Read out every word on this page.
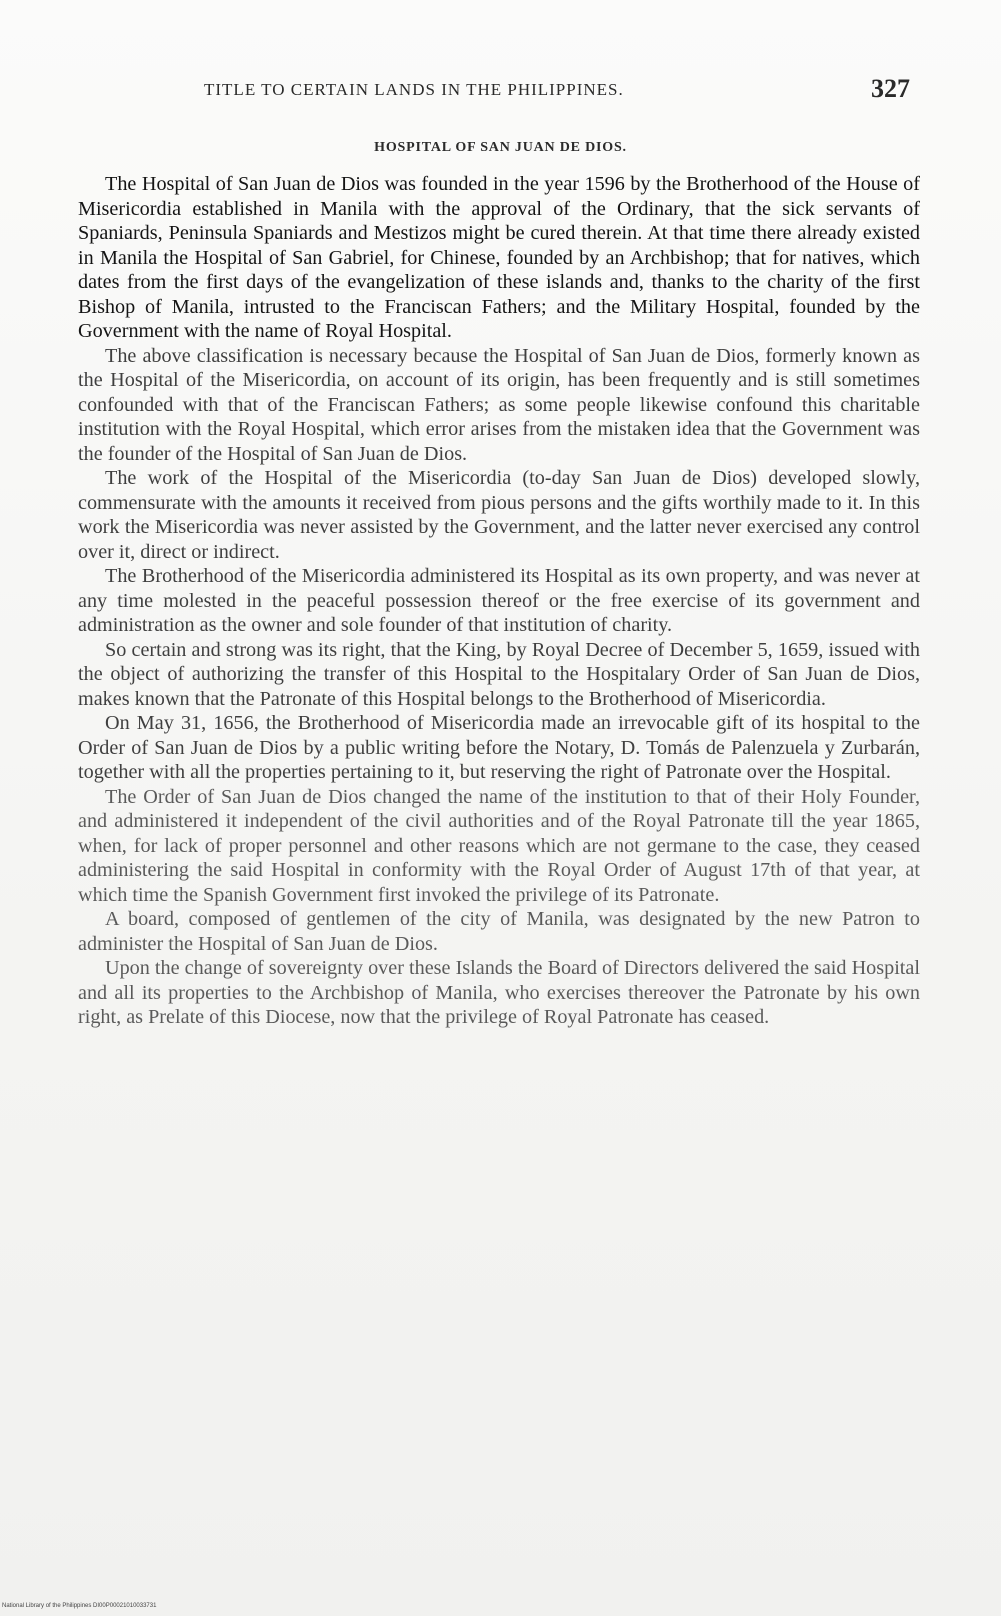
TITLE TO CERTAIN LANDS IN THE PHILIPPINES.	327
HOSPITAL OF SAN JUAN DE DIOS.

The Hospital of San Juan de Dios was founded in the year 1596 by the Brotherhood of the House of Misericordia established in Manila with the approval of the Ordinary, that the sick servants of Spaniards, Peninsula Spaniards and Mestizos might be cured therein. At that time there already existed in Manila the Hospital of San Gabriel, for Chinese, founded by an Archbishop; that for natives, which dates from the first days of the evangelization of these islands and, thanks to the charity of the first Bishop of Manila, intrusted to the Franciscan Fathers; and the Military Hospital, founded by the Government with the name of Royal Hospital.

The above classification is necessary because the Hospital of San Juan de Dios, formerly known as the Hospital of the Misericordia, on account of its origin, has been frequently and is still sometimes confounded with that of the Franciscan Fathers; as some people likewise confound this charitable institution with the Royal Hospital, which error arises from the mistaken idea that the Government was the founder of the Hospital of San Juan de Dios.

The work of the Hospital of the Misericordia (to-day San Juan de Dios) developed slowly, commensurate with the amounts it received from pious persons and the gifts worthily made to it. In this work the Misericordia was never assisted by the Government, and the latter never exercised any control over it, direct or indirect.

The Brotherhood of the Misericordia administered its Hospital as its own property, and was never at any time molested in the peaceful possession thereof or the free exercise of its government and administration as the owner and sole founder of that institution of charity.

So certain and strong was its right, that the King, by Royal Decree of December 5, 1659, issued with the object of authorizing the transfer of this Hospital to the Hospitalary Order of San Juan de Dios, makes known that the Patronate of this Hospital belongs to the Brotherhood of Misericordia.

On May 31, 1656, the Brotherhood of Misericordia made an irrevocable gift of its hospital to the Order of San Juan de Dios by a public writing before the Notary, D. Tomás de Palenzuela y Zurbarán, together with all the properties pertaining to it, but reserving the right of Patronate over the Hospital.

The Order of San Juan de Dios changed the name of the institution to that of their Holy Founder, and administered it independent of the civil authorities and of the Royal Patronate till the year 1865, when, for lack of proper personnel and other reasons which are not germane to the case, they ceased administering the said Hospital in conformity with the Royal Order of August 17th of that year, at which time the Spanish Government first invoked the privilege of its Patronate.

A board, composed of gentlemen of the city of Manila, was designated by the new Patron to administer the Hospital of San Juan de Dios.

Upon the change of sovereignty over these Islands the Board of Directors delivered the said Hospital and all its properties to the Archbishop of Manila, who exercises thereover the Patronate by his own right, as Prelate of this Diocese, now that the privilege of Royal Patronate has ceased.

National Library of the Philippines DI00P00021010033731
